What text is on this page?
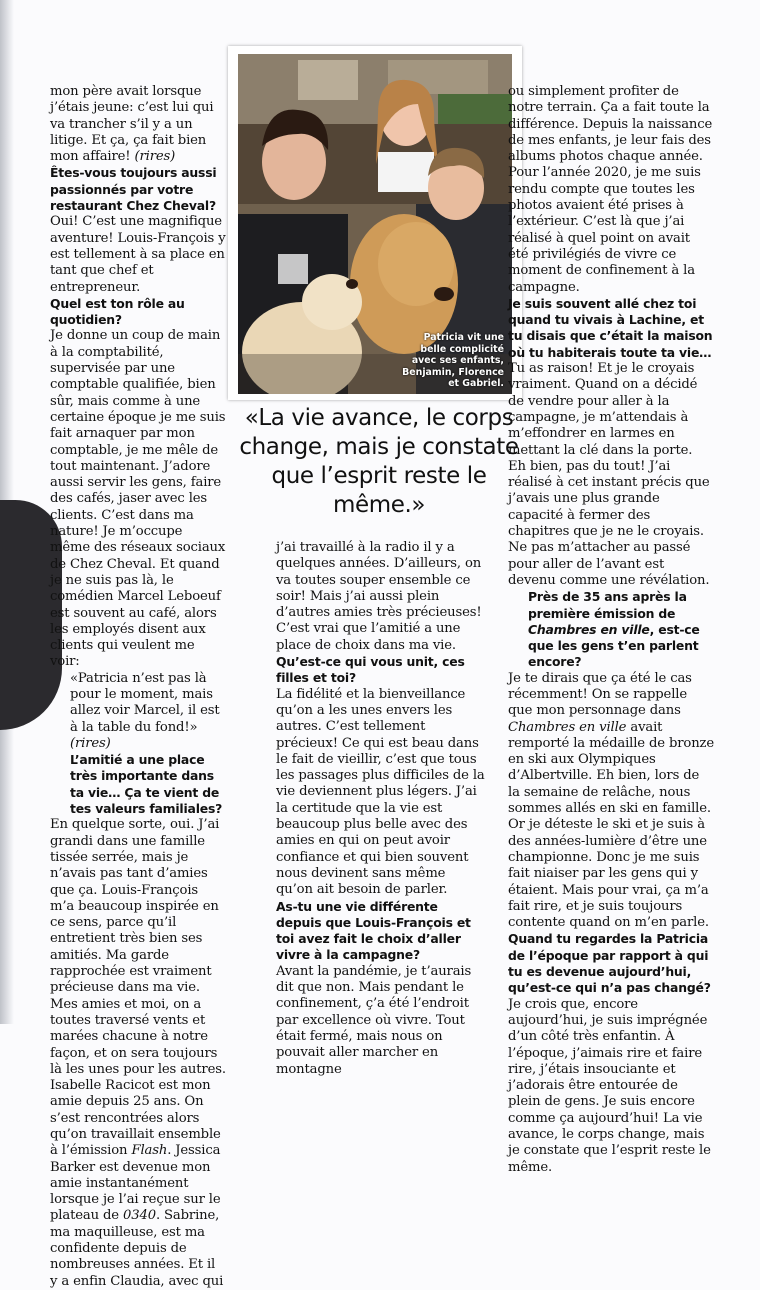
mon père avait lorsque j’étais jeune: c’est lui qui va trancher s’il y a un litige. Et ça, ça fait bien mon affaire! (rires)

Êtes-vous toujours aussi passionnés par votre restaurant Chez Cheval?

Oui! C’est une magnifique aventure! Louis-François y est tellement à sa place en tant que chef et entrepreneur.

Quel est ton rôle au quotidien?

Je donne un coup de main à la comptabilité, supervisée par une comptable qualifiée, bien sûr, mais comme à une certaine époque je me suis fait arnaquer par mon comptable, je me mêle de tout maintenant. J’adore aussi servir les gens, faire des cafés, jaser avec les clients. C’est dans ma nature! Je m’occupe même des réseaux sociaux de Chez Cheval. Et quand je ne suis pas là, le comédien Marcel Leboeuf est souvent au café, alors les employés disent aux clients qui veulent me voir:

«Patricia n’est pas là pour le moment, mais allez voir Marcel, il est à la table du fond!» (rires)

L’amitié a une place très importante dans ta vie… Ça te vient de tes valeurs familiales?

En quelque sorte, oui. J’ai grandi dans une famille tissée serrée, mais je n’avais pas tant d’amies que ça. Louis-François m’a beaucoup inspirée en ce sens, parce qu’il entretient très bien ses amitiés. Ma garde rapprochée est vraiment précieuse dans ma vie. Mes amies et moi, on a toutes traversé vents et marées chacune à notre façon, et on sera toujours là les unes pour les autres. Isabelle Racicot est mon amie depuis 25 ans. On s’est rencontrées alors qu’on travaillait ensemble à l’émission Flash. Jessica Barker est devenue mon amie instantanément lorsque je l’ai reçue sur le plateau de 0340. Sabrine, ma maquilleuse, est ma confidente depuis de nombreuses années. Et il y a enfin Claudia, avec qui

Patricia vit une belle complicité avec ses enfants, Benjamin, Florence et Gabriel.
«La vie avance, le corps change, mais je constate que l’esprit reste le même.»

j’ai travaillé à la radio il y a quelques années. D’ailleurs, on va toutes souper ensemble ce soir! Mais j’ai aussi plein d’autres amies très précieuses! C’est vrai que l’amitié a une place de choix dans ma vie.

Qu’est-ce qui vous unit, ces filles et toi?

La fidélité et la bienveillance qu’on a les unes envers les autres. C’est tellement précieux! Ce qui est beau dans le fait de vieillir, c’est que tous les passages plus difficiles de la vie deviennent plus légers. J’ai la certitude que la vie est beaucoup plus belle avec des amies en qui on peut avoir confiance et qui bien souvent nous devinent sans même qu’on ait besoin de parler.

As-tu une vie différente depuis que Louis-François et toi avez fait le choix d’aller vivre à la campagne?

Avant la pandémie, je t’aurais dit que non. Mais pendant le confinement, ç’a été l’endroit par excellence où vivre. Tout était fermé, mais nous on pouvait aller marcher en montagne

ou simplement profiter de notre terrain. Ça a fait toute la différence. Depuis la naissance de mes enfants, je leur fais des albums photos chaque année. Pour l’année 2020, je me suis rendu compte que toutes les photos avaient été prises à l’extérieur. C’est là que j’ai réalisé à quel point on avait été privilégiés de vivre ce moment de confinement à la campagne.

Je suis souvent allé chez toi quand tu vivais à Lachine, et tu disais que c’était la maison où tu habiterais toute ta vie…

Tu as raison! Et je le croyais vraiment. Quand on a décidé de vendre pour aller à la campagne, je m’attendais à m’effondrer en larmes en mettant la clé dans la porte. Eh bien, pas du tout! J’ai réalisé à cet instant précis que j’avais une plus grande capacité à fermer des chapitres que je ne le croyais. Ne pas m’attacher au passé pour aller de l’avant est devenu comme une révélation.

Près de 35 ans après la première émission de Chambres en ville, est-ce que les gens t’en parlent encore?

Je te dirais que ça été le cas récemment! On se rappelle que mon personnage dans Chambres en ville avait remporté la médaille de bronze en ski aux Olympiques d’Albertville. Eh bien, lors de la semaine de relâche, nous sommes allés en ski en famille. Or je déteste le ski et je suis à des années-lumière d’être une championne. Donc je me suis fait niaiser par les gens qui y étaient. Mais pour vrai, ça m’a fait rire, et je suis toujours contente quand on m’en parle.

Quand tu regardes la Patricia de l’époque par rapport à qui tu es devenue aujourd’hui, qu’est-ce qui n’a pas changé?

Je crois que, encore aujourd’hui, je suis imprégnée d’un côté très enfantin. À l’époque, j’aimais rire et faire rire, j’étais insouciante et j’adorais être entourée de plein de gens. Je suis encore comme ça aujourd’hui! La vie avance, le corps change, mais je constate que l’esprit reste le même.
